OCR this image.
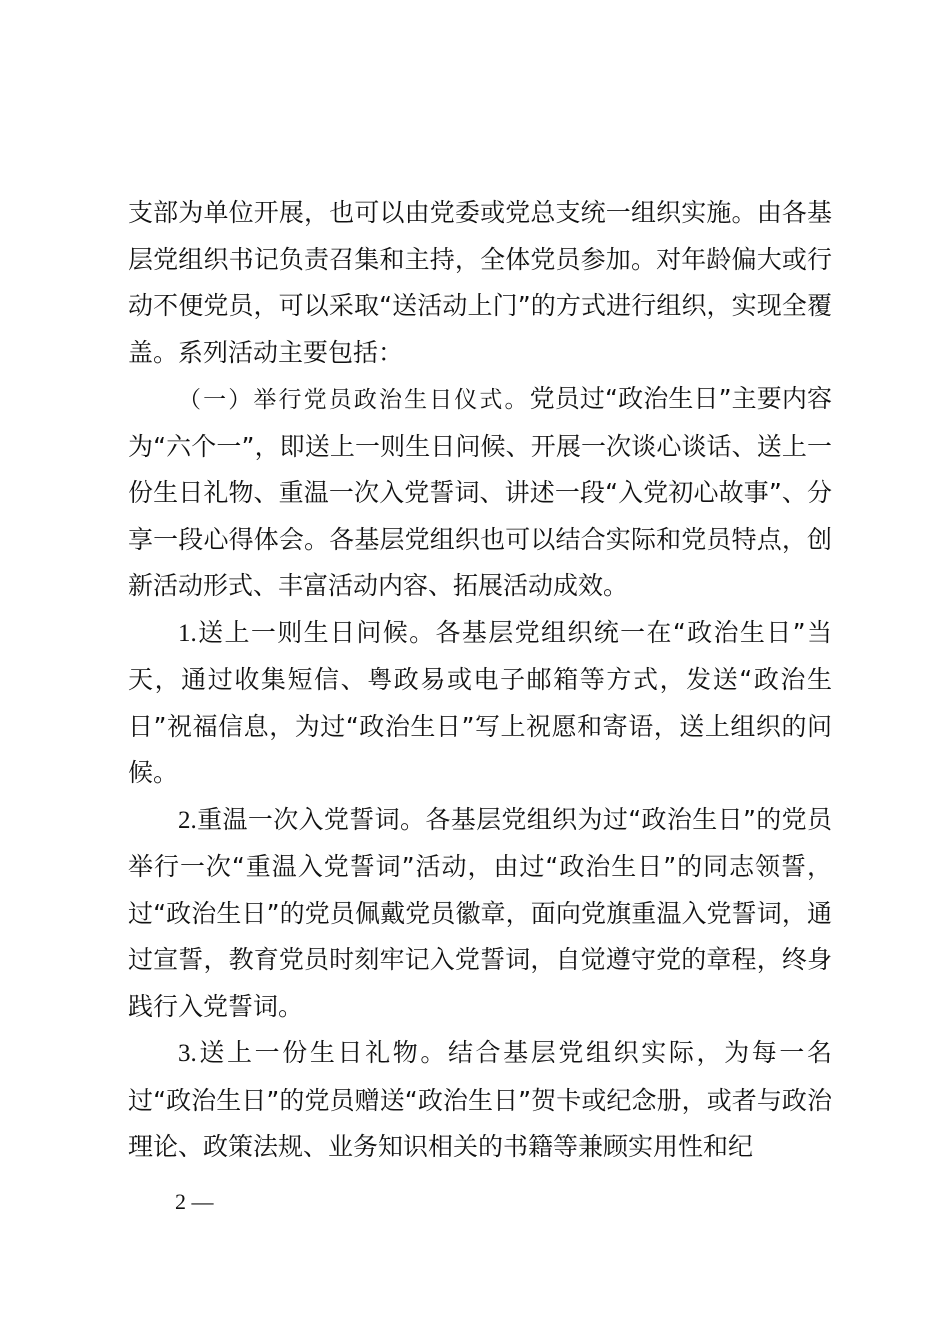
支部为单位开展，也可以由党委或党总支统一组织实施。由各基层党组织书记负责召集和主持，全体党员参加。对年龄偏大或行动不便党员，可以采取“送活动上门”的方式进行组织，实现全覆盖。系列活动主要包括：

（一）举行党员政治生日仪式。党员过“政治生日”主要内容为“六个一”，即送上一则生日问候、开展一次谈心谈话、送上一份生日礼物、重温一次入党誓词、讲述一段“入党初心故事”、分享一段心得体会。各基层党组织也可以结合实际和党员特点，创新活动形式、丰富活动内容、拓展活动成效。

1.送上一则生日问候。各基层党组织统一在“政治生日”当天，通过收集短信、粤政易或电子邮箱等方式，发送“政治生日”祝福信息，为过“政治生日”写上祝愿和寄语，送上组织的问候。

2.重温一次入党誓词。各基层党组织为过“政治生日”的党员举行一次“重温入党誓词”活动，由过“政治生日”的同志领誓，过“政治生日”的党员佩戴党员徽章，面向党旗重温入党誓词，通过宣誓，教育党员时刻牢记入党誓词，自觉遵守党的章程，终身践行入党誓词。

3.送上一份生日礼物。结合基层党组织实际，为每一名过“政治生日”的党员赠送“政治生日”贺卡或纪念册，或者与政治理论、政策法规、业务知识相关的书籍等兼顾实用性和纪

2 —
